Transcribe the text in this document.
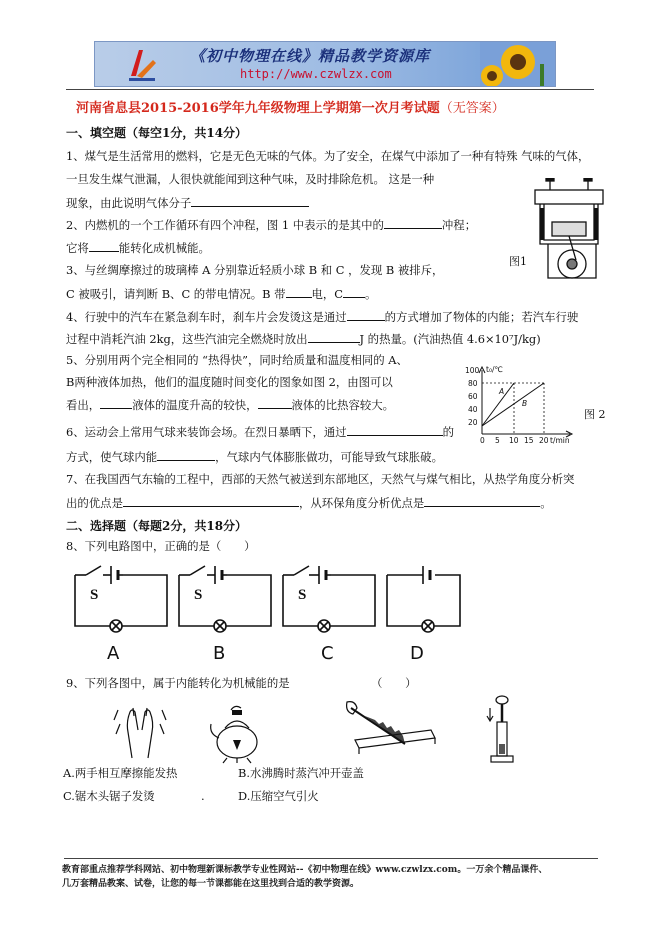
《初中物理在线》精品教学资源库
http://www.czwlzx.com
河南省息县2015-2016学年九年级物理上学期第一次月考试题（无答案）
一、填空题（每空1分，共14分）
1、煤气是生活常用的燃料，它是无色无味的气体。为了安全，在煤气中添加了一种有特殊 气味的气体，
一旦发生煤气泄漏，人很快就能闻到这种气味，及时排除危机。 这是一种
现象，由此说明气体分子
2、内燃机的一个工作循环有四个冲程，图 1 中表示的是其中的	冲程；
它将	能转化成机械能。
图1
3、与丝绸摩擦过的玻璃棒 A 分别靠近轻质小球 B 和 C ，发现 B 被排斥，
C 被吸引，请判断 B、C 的带电情况。B 带 电，C 。
4、行驶中的汽车在紧急刹车时，刹车片会发烫这是通过	的方式增加了物体的内能；若汽车行驶
过程中消耗汽油 2kg，这些汽油完全燃烧时放出	J 的热量。(汽油热值 4.6×10⁷J/kg)
5、分别用两个完全相同的 “热得快”，同时给质量和温度相同的 A、
B两种液体加热，他们的温度随时间变化的图象如图 2，由图可以
看出，	液体的温度升高的较快，	液体的比热容较大。
100
80
60
40
20
0 5 10 15 20 t/min
t₀/℃
A
B
图 2
6、运动会上常用气球来装饰会场。在烈日暴晒下，通过	的
方式，使气球内能	，气球内气体膨胀做功，可能导致气球胀破。
7、在我国西气东输的工程中，西部的天然气被送到东部地区，天然气与煤气相比，从热学角度分析突
出的优点是	，从环保角度分析优点是	。
二、选择题（每题2分，共18分）
8、下列电路图中，正确的是（　　）
S	S	S
A	B	C	D
9、下列各图中，属于内能转化为机械能的是	（　　）
A.两手相互摩擦能发热	B.水沸腾时蒸汽冲开壶盖
C.锯木头锯子发烫	.	D.压缩空气引火
教育部重点推荐学科网站、初中物理新课标教学专业性网站--《初中物理在线》www.czwlzx.com。一万余个精品课件、
几万套精品教案、试卷，让您的每一节课都能在这里找到合适的教学资源。
